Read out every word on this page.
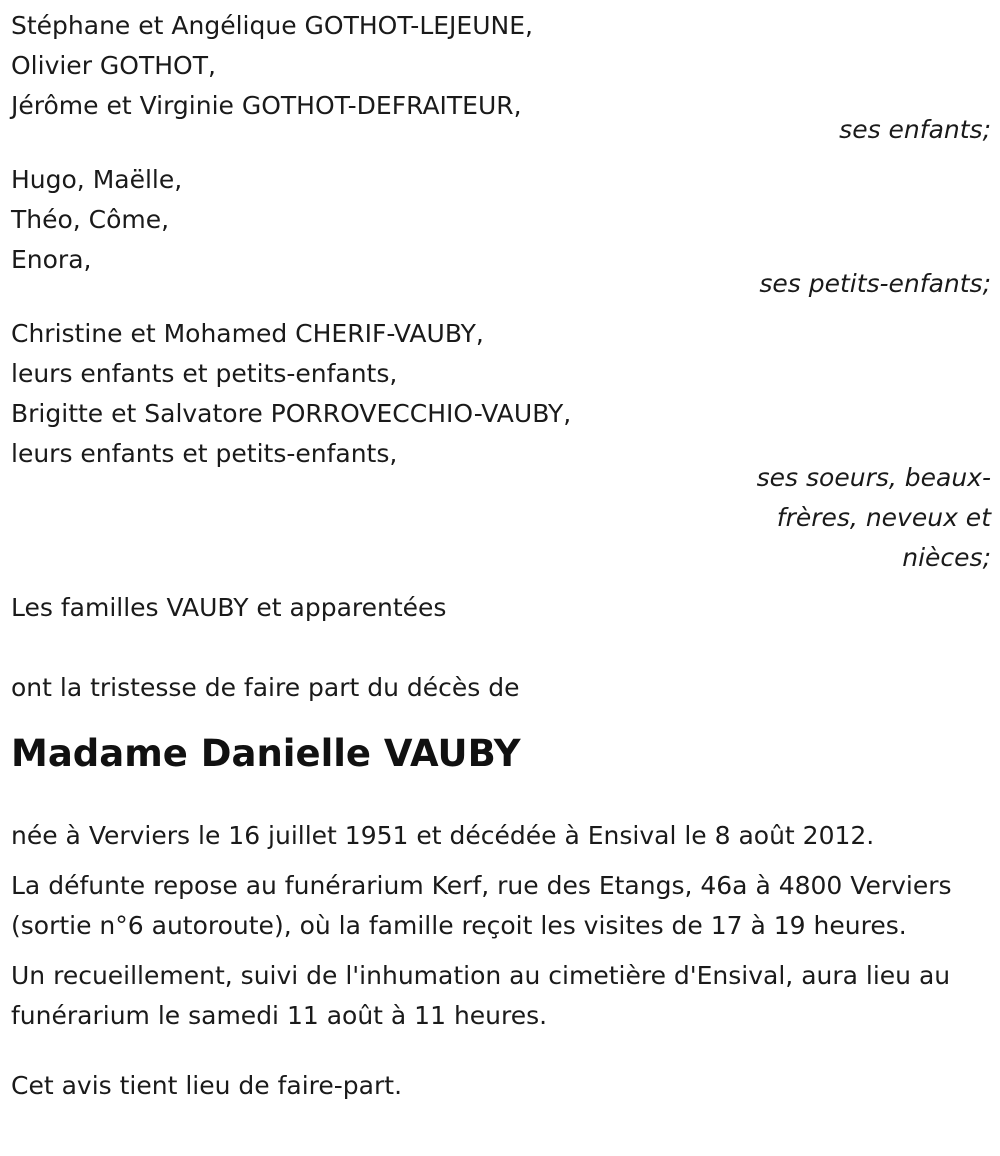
Stéphane et Angélique GOTHOT-LEJEUNE,
Olivier GOTHOT,
Jérôme et Virginie GOTHOT-DEFRAITEUR,
ses enfants;
Hugo, Maëlle,
Théo, Côme,
Enora,
ses petits-enfants;
Christine et Mohamed CHERIF-VAUBY,
leurs enfants et petits-enfants,
Brigitte et Salvatore PORROVECCHIO-VAUBY,
leurs enfants et petits-enfants,
ses soeurs, beaux-frères, neveux et nièces;
Les familles VAUBY et apparentées
ont la tristesse de faire part du décès de
Madame Danielle VAUBY
née à Verviers le 16 juillet 1951 et décédée à Ensival le 8 août 2012.
La défunte repose au funérarium Kerf, rue des Etangs, 46a à 4800 Verviers (sortie n°6 autoroute), où la famille reçoit les visites de 17 à 19 heures.
Un recueillement, suivi de l'inhumation au cimetière d'Ensival, aura lieu au funérarium le samedi 11 août à 11 heures.
Cet avis tient lieu de faire-part.
